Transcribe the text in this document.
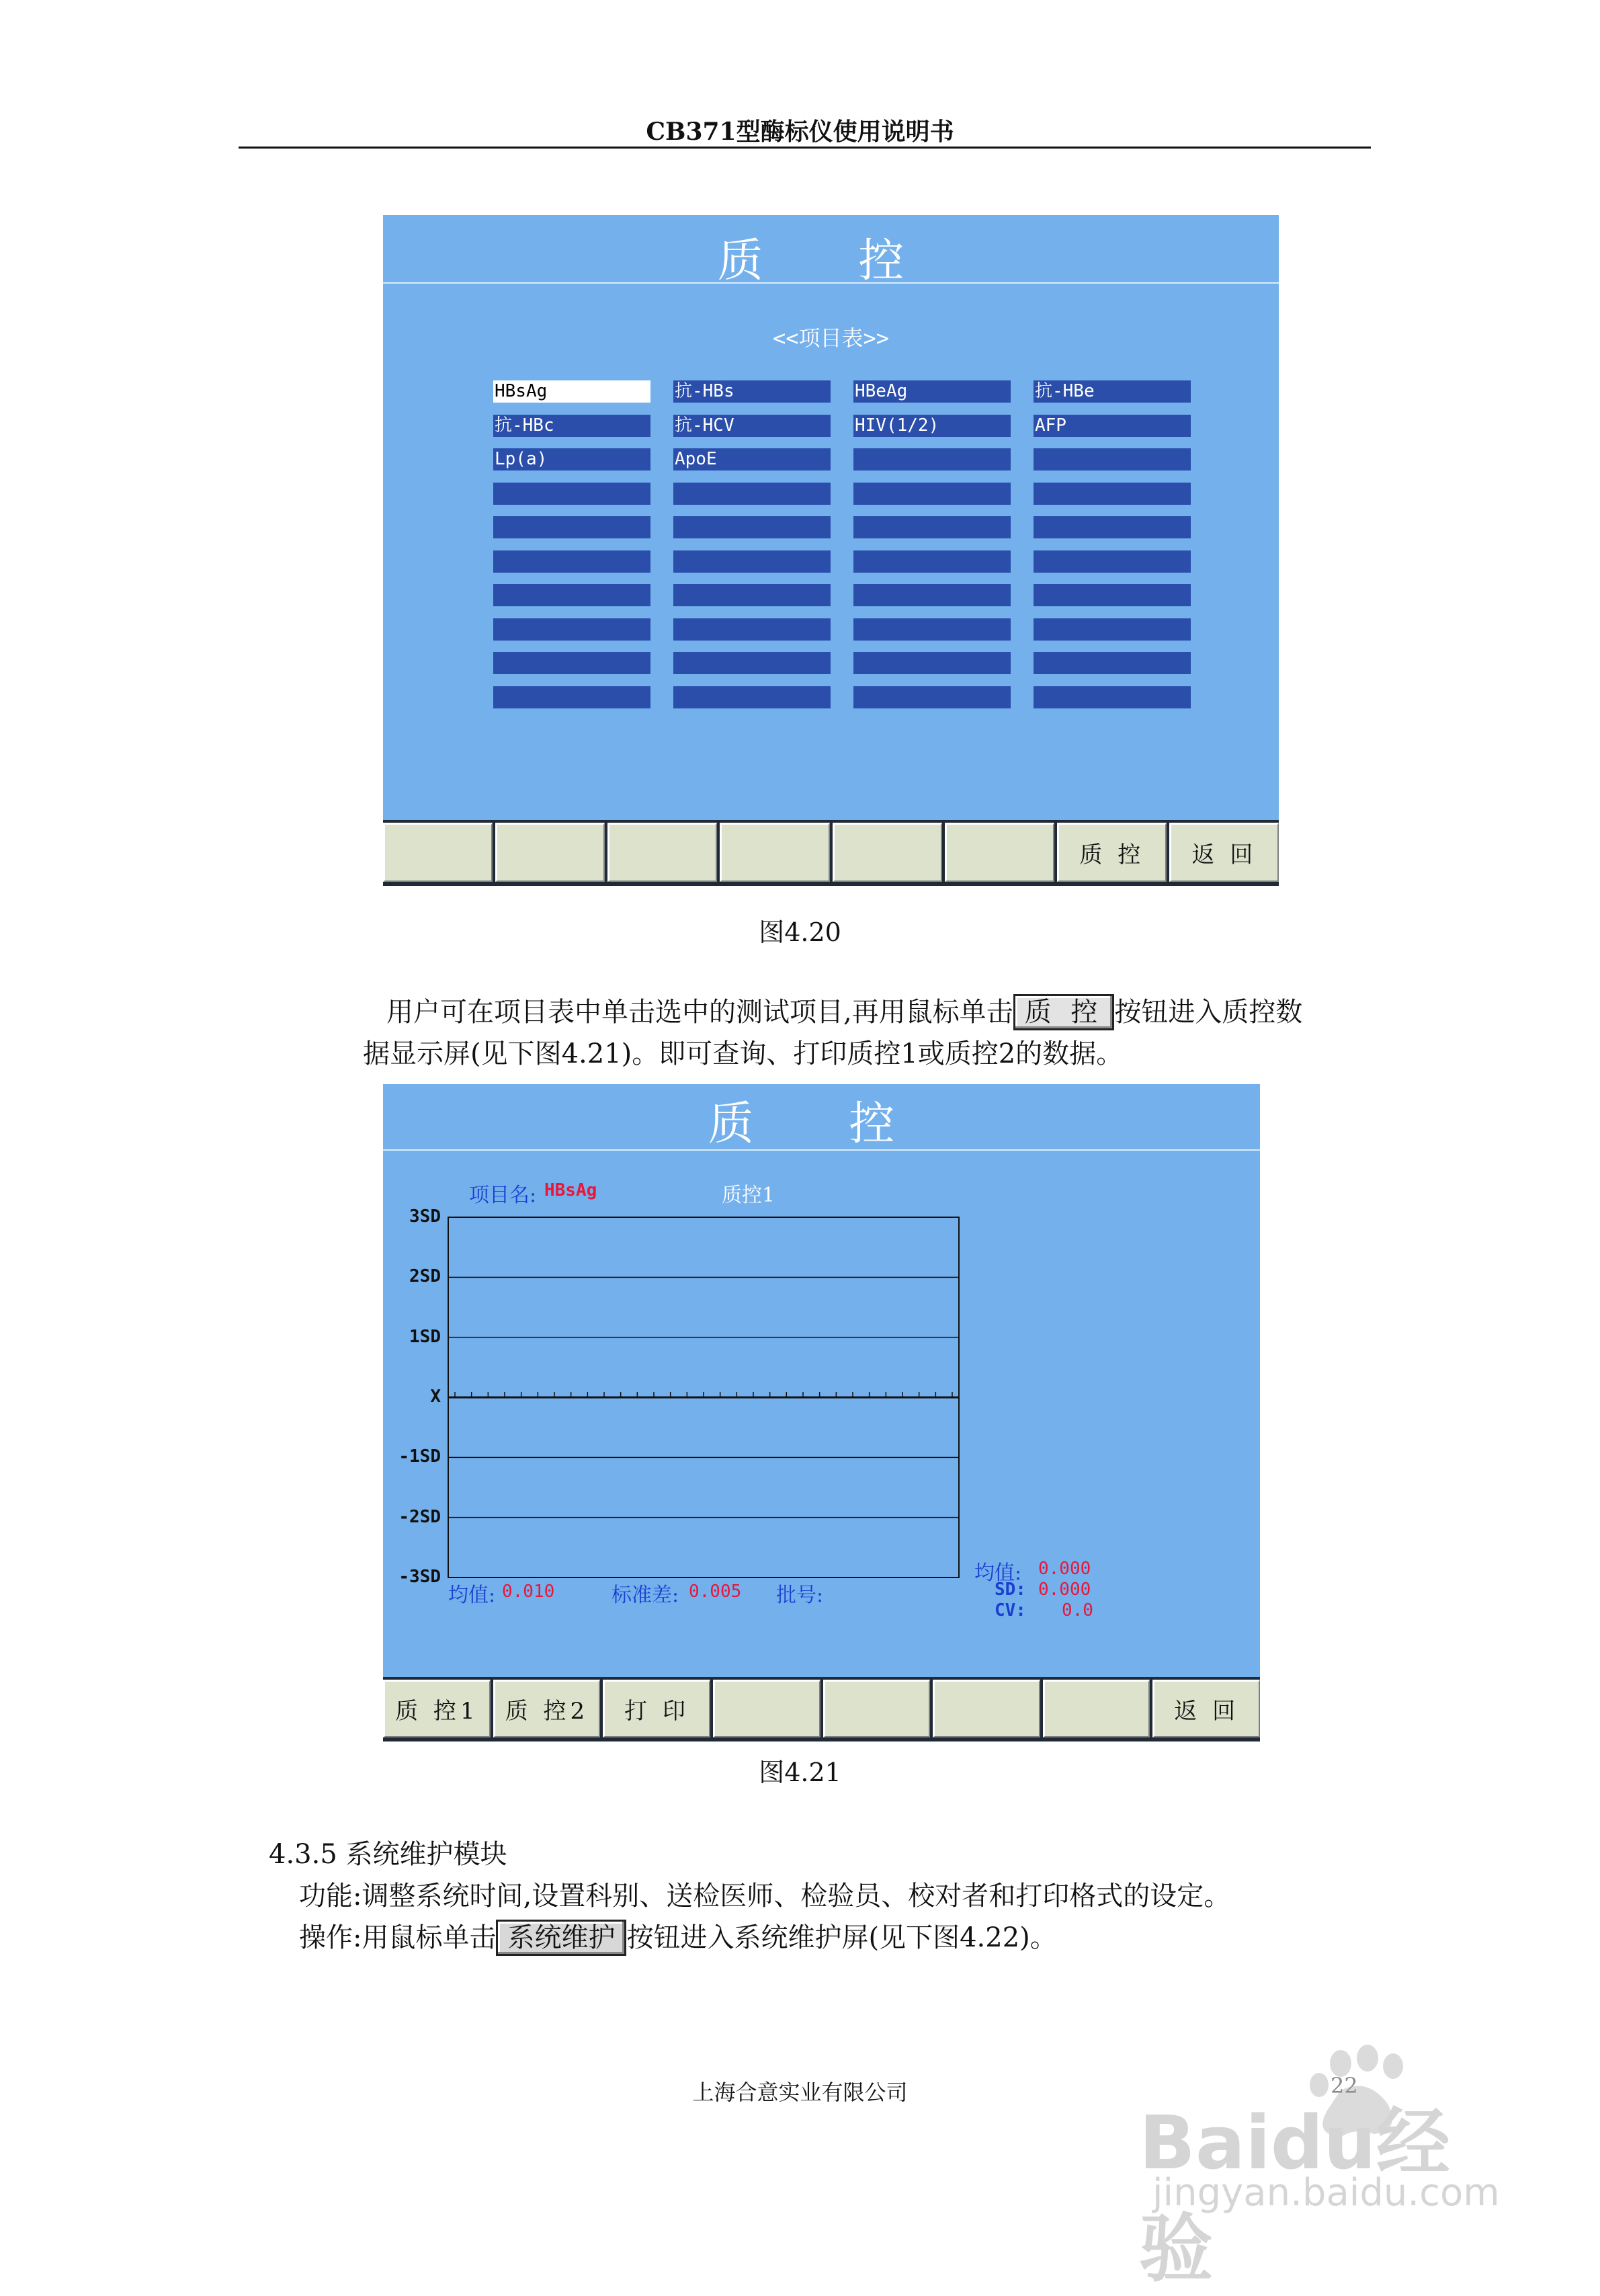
CB371型酶标仪使用说明书
质 控
<<项目表>>
HBsAg	抗-HBs	HBeAg	抗-HBe
抗-HBc	抗-HCV	HIV(1/2)	AFP
Lp(a)	ApoE
质 控	返 回
图4.20
用户可在项目表中单击选中的测试项目,再用鼠标单击 质 控 按钮进入质控数
据显示屏(见下图4.21)。即可查询、打印质控1或质控2的数据。
质 控
项目名: HBsAg	质控1
3SD
2SD
1SD
X
-1SD
-2SD
-3SD
均值: 0.010	标准差: 0.005 批号:
均值: 0.000
SD: 0.000
CV: 0.0
质 控1	质 控2	打 印	返 回
图4.21
4.3.5 系统维护模块
功能:调整系统时间,设置科别、送检医师、检验员、校对者和打印格式的设定。
操作:用鼠标单击 系统维护 按钮进入系统维护屏(见下图4.22)。
上海合意实业有限公司	22
Baidu经验
jingyan.baidu.com
